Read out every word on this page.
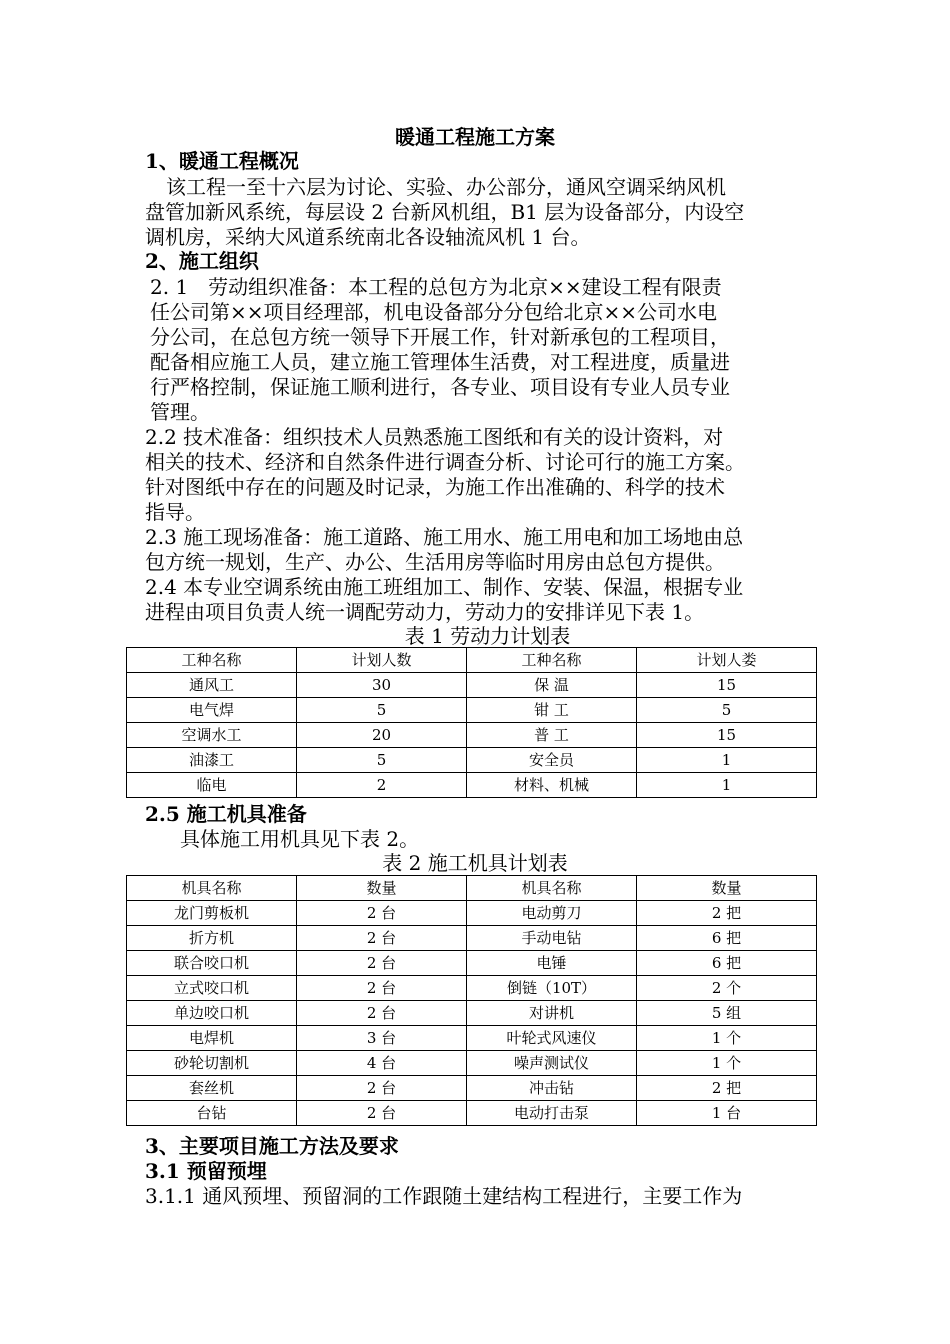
暖通工程施工方案
1、暖通工程概况
该工程一至十六层为讨论、实验、办公部分，通风空调采纳风机
盘管加新风系统，每层设 2 台新风机组，B1 层为设备部分，内设空
调机房，采纳大风道系统南北各设轴流风机 1 台。
2、施工组织
2. 1　劳动组织准备：本工程的总包方为北京××建设工程有限责
任公司第××项目经理部，机电设备部分分包给北京××公司水电
分公司，在总包方统一领导下开展工作，针对新承包的工程项目，
配备相应施工人员，建立施工管理体生活费，对工程进度，质量进
行严格控制，保证施工顺利进行，各专业、项目设有专业人员专业
管理。
2.2 技术准备：组织技术人员熟悉施工图纸和有关的设计资料，对
相关的技术、经济和自然条件进行调查分析、讨论可行的施工方案。
针对图纸中存在的问题及时记录，为施工作出准确的、科学的技术
指导。
2.3 施工现场准备：施工道路、施工用水、施工用电和加工场地由总
包方统一规划，生产、办公、生活用房等临时用房由总包方提供。
2.4 本专业空调系统由施工班组加工、制作、安装、保温，根据专业
进程由项目负责人统一调配劳动力，劳动力的安排详见下表 1。
表 1 劳动力计划表
工种名称	计划人数	工种名称	计划人娄
通风工	30	保 温	15
电气焊	5	钳 工	5
空调水工	20	普 工	15
油漆工	5	安全员	1
临电	2	材料、机械	1
2.5 施工机具准备
具体施工用机具见下表 2。
表 2 施工机具计划表
机具名称	数量	机具名称	数量
龙门剪板机	2 台	电动剪刀	2 把
折方机	2 台	手动电钻	6 把
联合咬口机	2 台	电锤	6 把
立式咬口机	2 台	倒链（10T）	2 个
单边咬口机	2 台	对讲机	5 组
电焊机	3 台	叶轮式风速仪	1 个
砂轮切割机	4 台	噪声测试仪	1 个
套丝机	2 台	冲击钻	2 把
台钻	2 台	电动打击泵	1 台
3、主要项目施工方法及要求
3.1 预留预埋
3.1.1 通风预埋、预留洞的工作跟随土建结构工程进行，主要工作为
